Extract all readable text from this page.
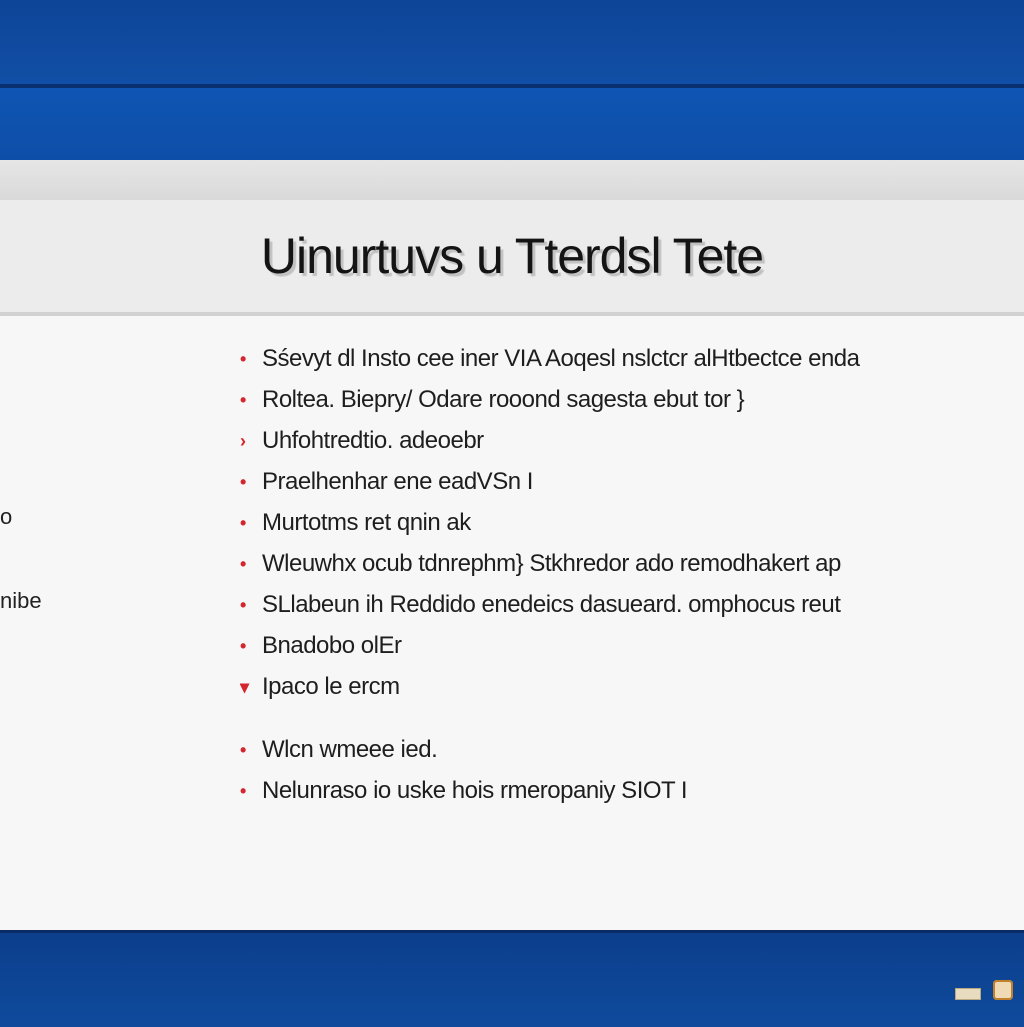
Uinurtuvs u Tterdsl Tete
o
nibe
• Sśevyt dl Insto cee iner VIA Aoqesl nslctcr alHtbectce enda
• Roltea. Biepry/ Odare rooond sagesta ebut tor }
› Uhfohtredtio. adeoebr
• Praelhenhar ene eadVSn I
• Murtotms ret qnin ak
• Wleuwhx ocub tdnrephm} Stkhredor ado remodhakert ap
• SLlabeun ih Reddido enedeics dasueard. omphocus reut
• Bnadobo olEr
▾ Ipaco le ercm
• Wlcn wmeee ied.
• Nelunraso io uske hois rmeropaniy SIOT I
